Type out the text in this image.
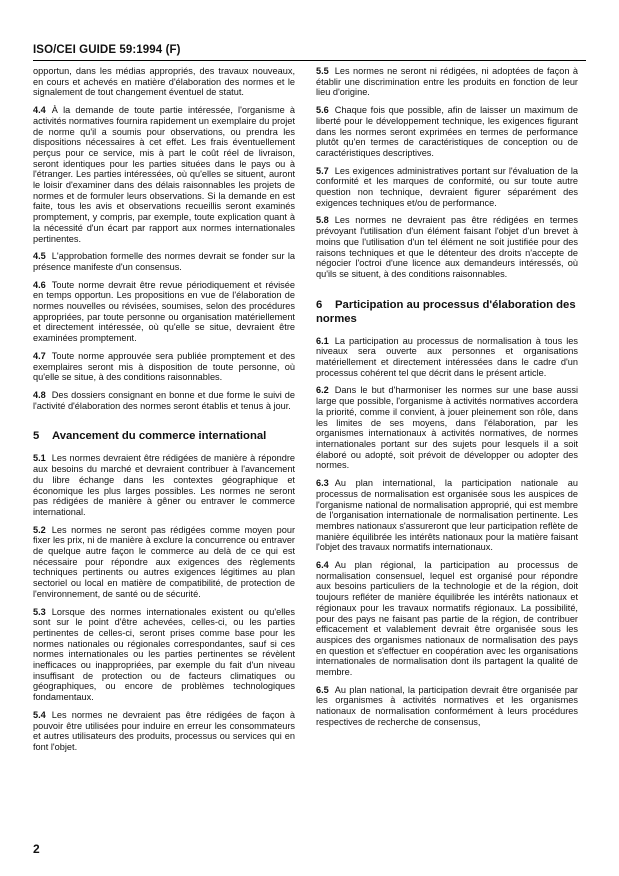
ISO/CEI GUIDE 59:1994 (F)

opportun, dans les médias appropriés, des travaux nouveaux, en cours et achevés en matière d'élaboration des normes et le signalement de tout changement éventuel de statut.

4.4 À la demande de toute partie intéressée, l'organisme à activités normatives fournira rapidement un exemplaire du projet de norme qu'il a soumis pour observations, ou prendra les dispositions nécessaires à cet effet. Les frais éventuellement perçus pour ce service, mis à part le coût réel de livraison, seront identiques pour les parties situées dans le pays ou à l'étranger. Les parties intéressées, où qu'elles se situent, auront le loisir d'examiner dans des délais raisonnables les projets de normes et de formuler leurs observations. Si la demande en est faite, tous les avis et observations recueillis seront examinés promptement, y compris, par exemple, toute explication quant à la nécessité d'un écart par rapport aux normes internationales pertinentes.

4.5 L'approbation formelle des normes devrait se fonder sur la présence manifeste d'un consensus.

4.6 Toute norme devrait être revue périodiquement et révisée en temps opportun. Les propositions en vue de l'élaboration de normes nouvelles ou révisées, soumises, selon des procédures appropriées, par toute personne ou organisation matériellement et directement intéressée, où qu'elle se situe, devraient être examinées promptement.

4.7 Toute norme approuvée sera publiée promptement et des exemplaires seront mis à disposition de toute personne, où qu'elle se situe, à des conditions raisonnables.

4.8 Des dossiers consignant en bonne et due forme le suivi de l'activité d'élaboration des normes seront établis et tenus à jour.

5 Avancement du commerce international

5.1 Les normes devraient être rédigées de manière à répondre aux besoins du marché et devraient contribuer à l'avancement du libre échange dans les contextes géographique et économique les plus larges possibles. Les normes ne seront pas rédigées de manière à gêner ou entraver le commerce international.

5.2 Les normes ne seront pas rédigées comme moyen pour fixer les prix, ni de manière à exclure la concurrence ou entraver de quelque autre façon le commerce au delà de ce qui est nécessaire pour répondre aux exigences des règlements techniques pertinents ou autres exigences légitimes au plan sectoriel ou local en matière de compatibilité, de protection de l'environnement, de santé ou de sécurité.

5.3 Lorsque des normes internationales existent ou qu'elles sont sur le point d'être achevées, celles-ci, ou les parties pertinentes de celles-ci, seront prises comme base pour les normes nationales ou régionales correspondantes, sauf si ces normes internationales ou les parties pertinentes se révèlent inefficaces ou inappropriées, par exemple du fait d'un niveau insuffisant de protection ou de facteurs climatiques ou géographiques, ou encore de problèmes technologiques fondamentaux.

5.4 Les normes ne devraient pas être rédigées de façon à pouvoir être utilisées pour induire en erreur les consommateurs et autres utilisateurs des produits, processus ou services qui en font l'objet.

5.5 Les normes ne seront ni rédigées, ni adoptées de façon à établir une discrimination entre les produits en fonction de leur lieu d'origine.

5.6 Chaque fois que possible, afin de laisser un maximum de liberté pour le développement technique, les exigences figurant dans les normes seront exprimées en termes de performance plutôt qu'en termes de caractéristiques de conception ou de caractéristiques descriptives.

5.7 Les exigences administratives portant sur l'évaluation de la conformité et les marques de conformité, ou sur toute autre question non technique, devraient figurer séparément des exigences techniques et/ou de performance.

5.8 Les normes ne devraient pas être rédigées en termes prévoyant l'utilisation d'un élément faisant l'objet d'un brevet à moins que l'utilisation d'un tel élément ne soit justifiée pour des raisons techniques et que le détenteur des droits n'accepte de négocier l'octroi d'une licence aux demandeurs intéressés, où qu'ils se situent, à des conditions raisonnables.

6 Participation au processus d'élaboration des normes

6.1 La participation au processus de normalisation à tous les niveaux sera ouverte aux personnes et organisations matériellement et directement intéressées dans le cadre d'un processus cohérent tel que décrit dans le présent article.

6.2 Dans le but d'harmoniser les normes sur une base aussi large que possible, l'organisme à activités normatives accordera la priorité, comme il convient, à jouer pleinement son rôle, dans les limites de ses moyens, dans l'élaboration, par les organismes internationaux à activités normatives, de normes internationales portant sur des sujets pour lesquels il a soit élaboré ou adopté, soit prévoit de développer ou adopter des normes.

6.3 Au plan international, la participation nationale au processus de normalisation est organisée sous les auspices de l'organisme national de normalisation approprié, qui est membre de l'organisation internationale de normalisation pertinente. Les membres nationaux s'assureront que leur participation reflète de manière équilibrée les intérêts nationaux pour la matière faisant l'objet des travaux normatifs internationaux.

6.4 Au plan régional, la participation au processus de normalisation consensuel, lequel est organisé pour répondre aux besoins particuliers de la technologie et de la région, doit toujours refléter de manière équilibrée les intérêts nationaux et régionaux pour les travaux normatifs régionaux. La possibilité, pour des pays ne faisant pas partie de la région, de contribuer efficacement et valablement devrait être organisée sous les auspices des organismes nationaux de normalisation des pays en question et s'effectuer en coopération avec les organisations internationales de normalisation dont ils partagent la qualité de membre.

6.5 Au plan national, la participation devrait être organisée par les organismes à activités normatives et les organismes nationaux de normalisation conformément à leurs procédures respectives de recherche de consensus,

2
